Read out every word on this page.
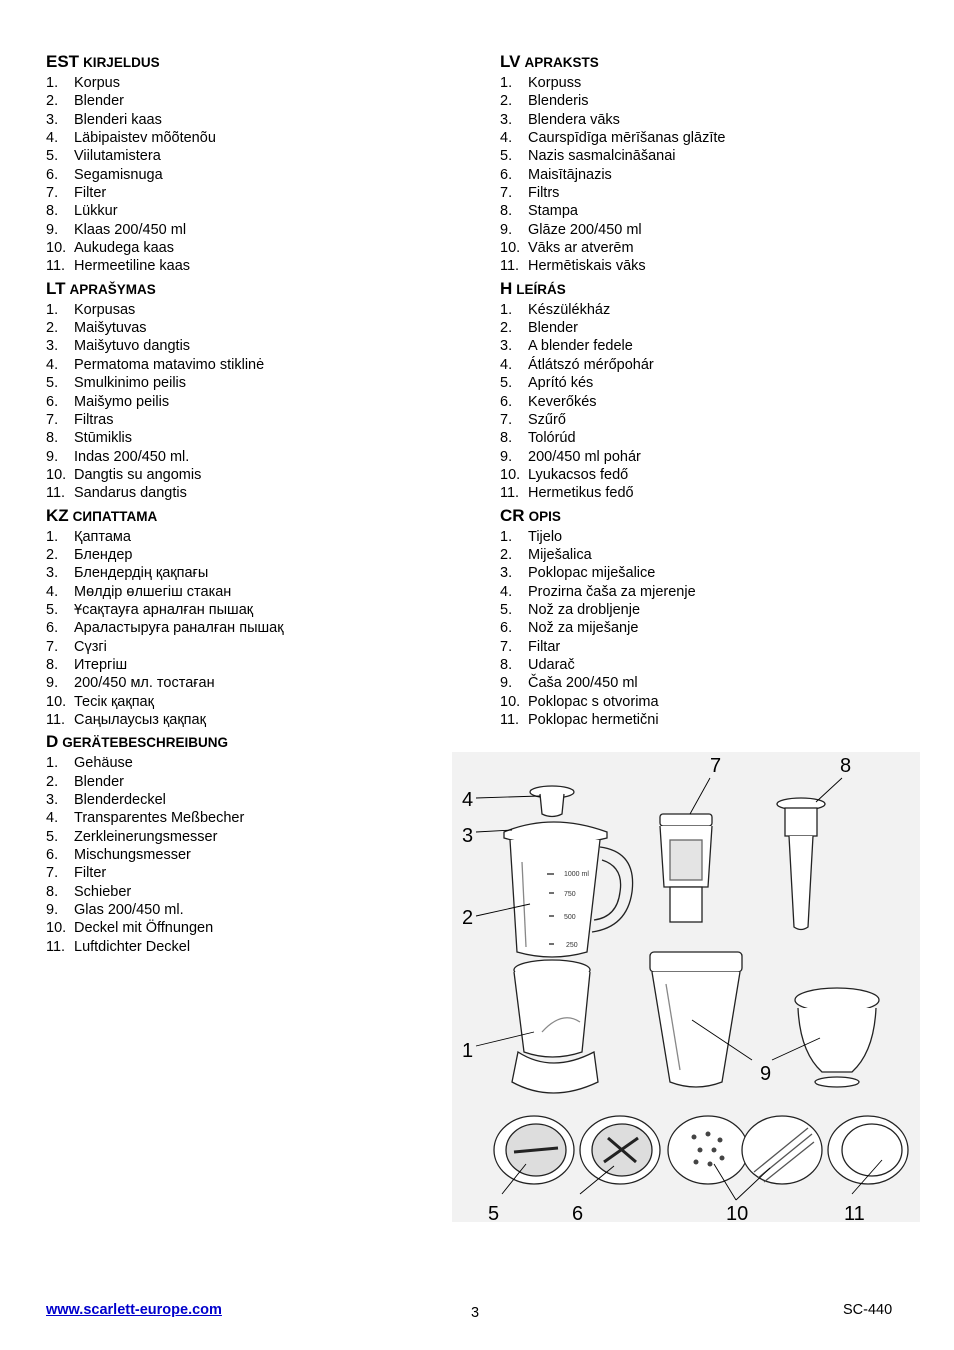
EST KIRJELDUS
1. Korpus
2. Blender
3. Blenderi kaas
4. Läbipaistev mõõtenõu
5. Viilutamistera
6. Segamisnuga
7. Filter
8. Lükkur
9. Klaas 200/450 ml
10. Aukudega kaas
11. Hermeetiline kaas
LT APRAŠYMAS
1. Korpusas
2. Maišytuvas
3. Maišytuvo dangtis
4. Permatoma matavimo stiklinė
5. Smulkinimo peilis
6. Maišymo peilis
7. Filtras
8. Stūmiklis
9. Indas 200/450 ml.
10. Dangtis su angomis
11. Sandarus dangtis
KZ СИПАТТАМА
1. Қаптама
2. Блендер
3. Блендердің қақпағы
4. Мөлдір өлшегіш стакан
5. Ұсақтауға арналған пышақ
6. Араластыруға раналған пышақ
7. Сүзгі
8. Итергіш
9. 200/450 мл. тостаған
10. Тесік қақпақ
11. Саңылаусыз қақпақ
D GERÄTEBESCHREIBUNG
1. Gehäuse
2. Blender
3. Blenderdeckel
4. Transparentes Meßbecher
5. Zerkleinerungsmesser
6. Mischungsmesser
7. Filter
8. Schieber
9. Glas 200/450 ml.
10. Deckel mit Öffnungen
11. Luftdichter Deckel
LV APRAKSTS
1. Korpuss
2. Blenderis
3. Blendera vāks
4. Caurspīdīga mērīšanas glāzīte
5. Nazis sasmalcināšanai
6. Maisītājnazis
7. Filtrs
8. Stampa
9. Glāze 200/450 ml
10. Vāks ar atverēm
11. Hermētiskais vāks
H LEÍRÁS
1. Készülékház
2. Blender
3. A blender fedele
4. Átlátszó mérőpohár
5. Aprító kés
6. Keverőkés
7. Szűrő
8. Tolórúd
9. 200/450 ml pohár
10. Lyukacsos fedő
11. Hermetikus fedő
CR OPIS
1. Tijelo
2. Miješalica
3. Poklopac miješalice
4. Prozirna čaša za mjerenje
5. Nož za drobljenje
6. Nož za miješanje
7. Filtar
8. Udarač
9. Čaša 200/450 ml
10. Poklopac s otvorima
11. Poklopac hermetični
1000 ml
750
500
250
1
2
3
4
5	6
7	8
9
10	11
www.scarlett-europe.com	3	SC-440
